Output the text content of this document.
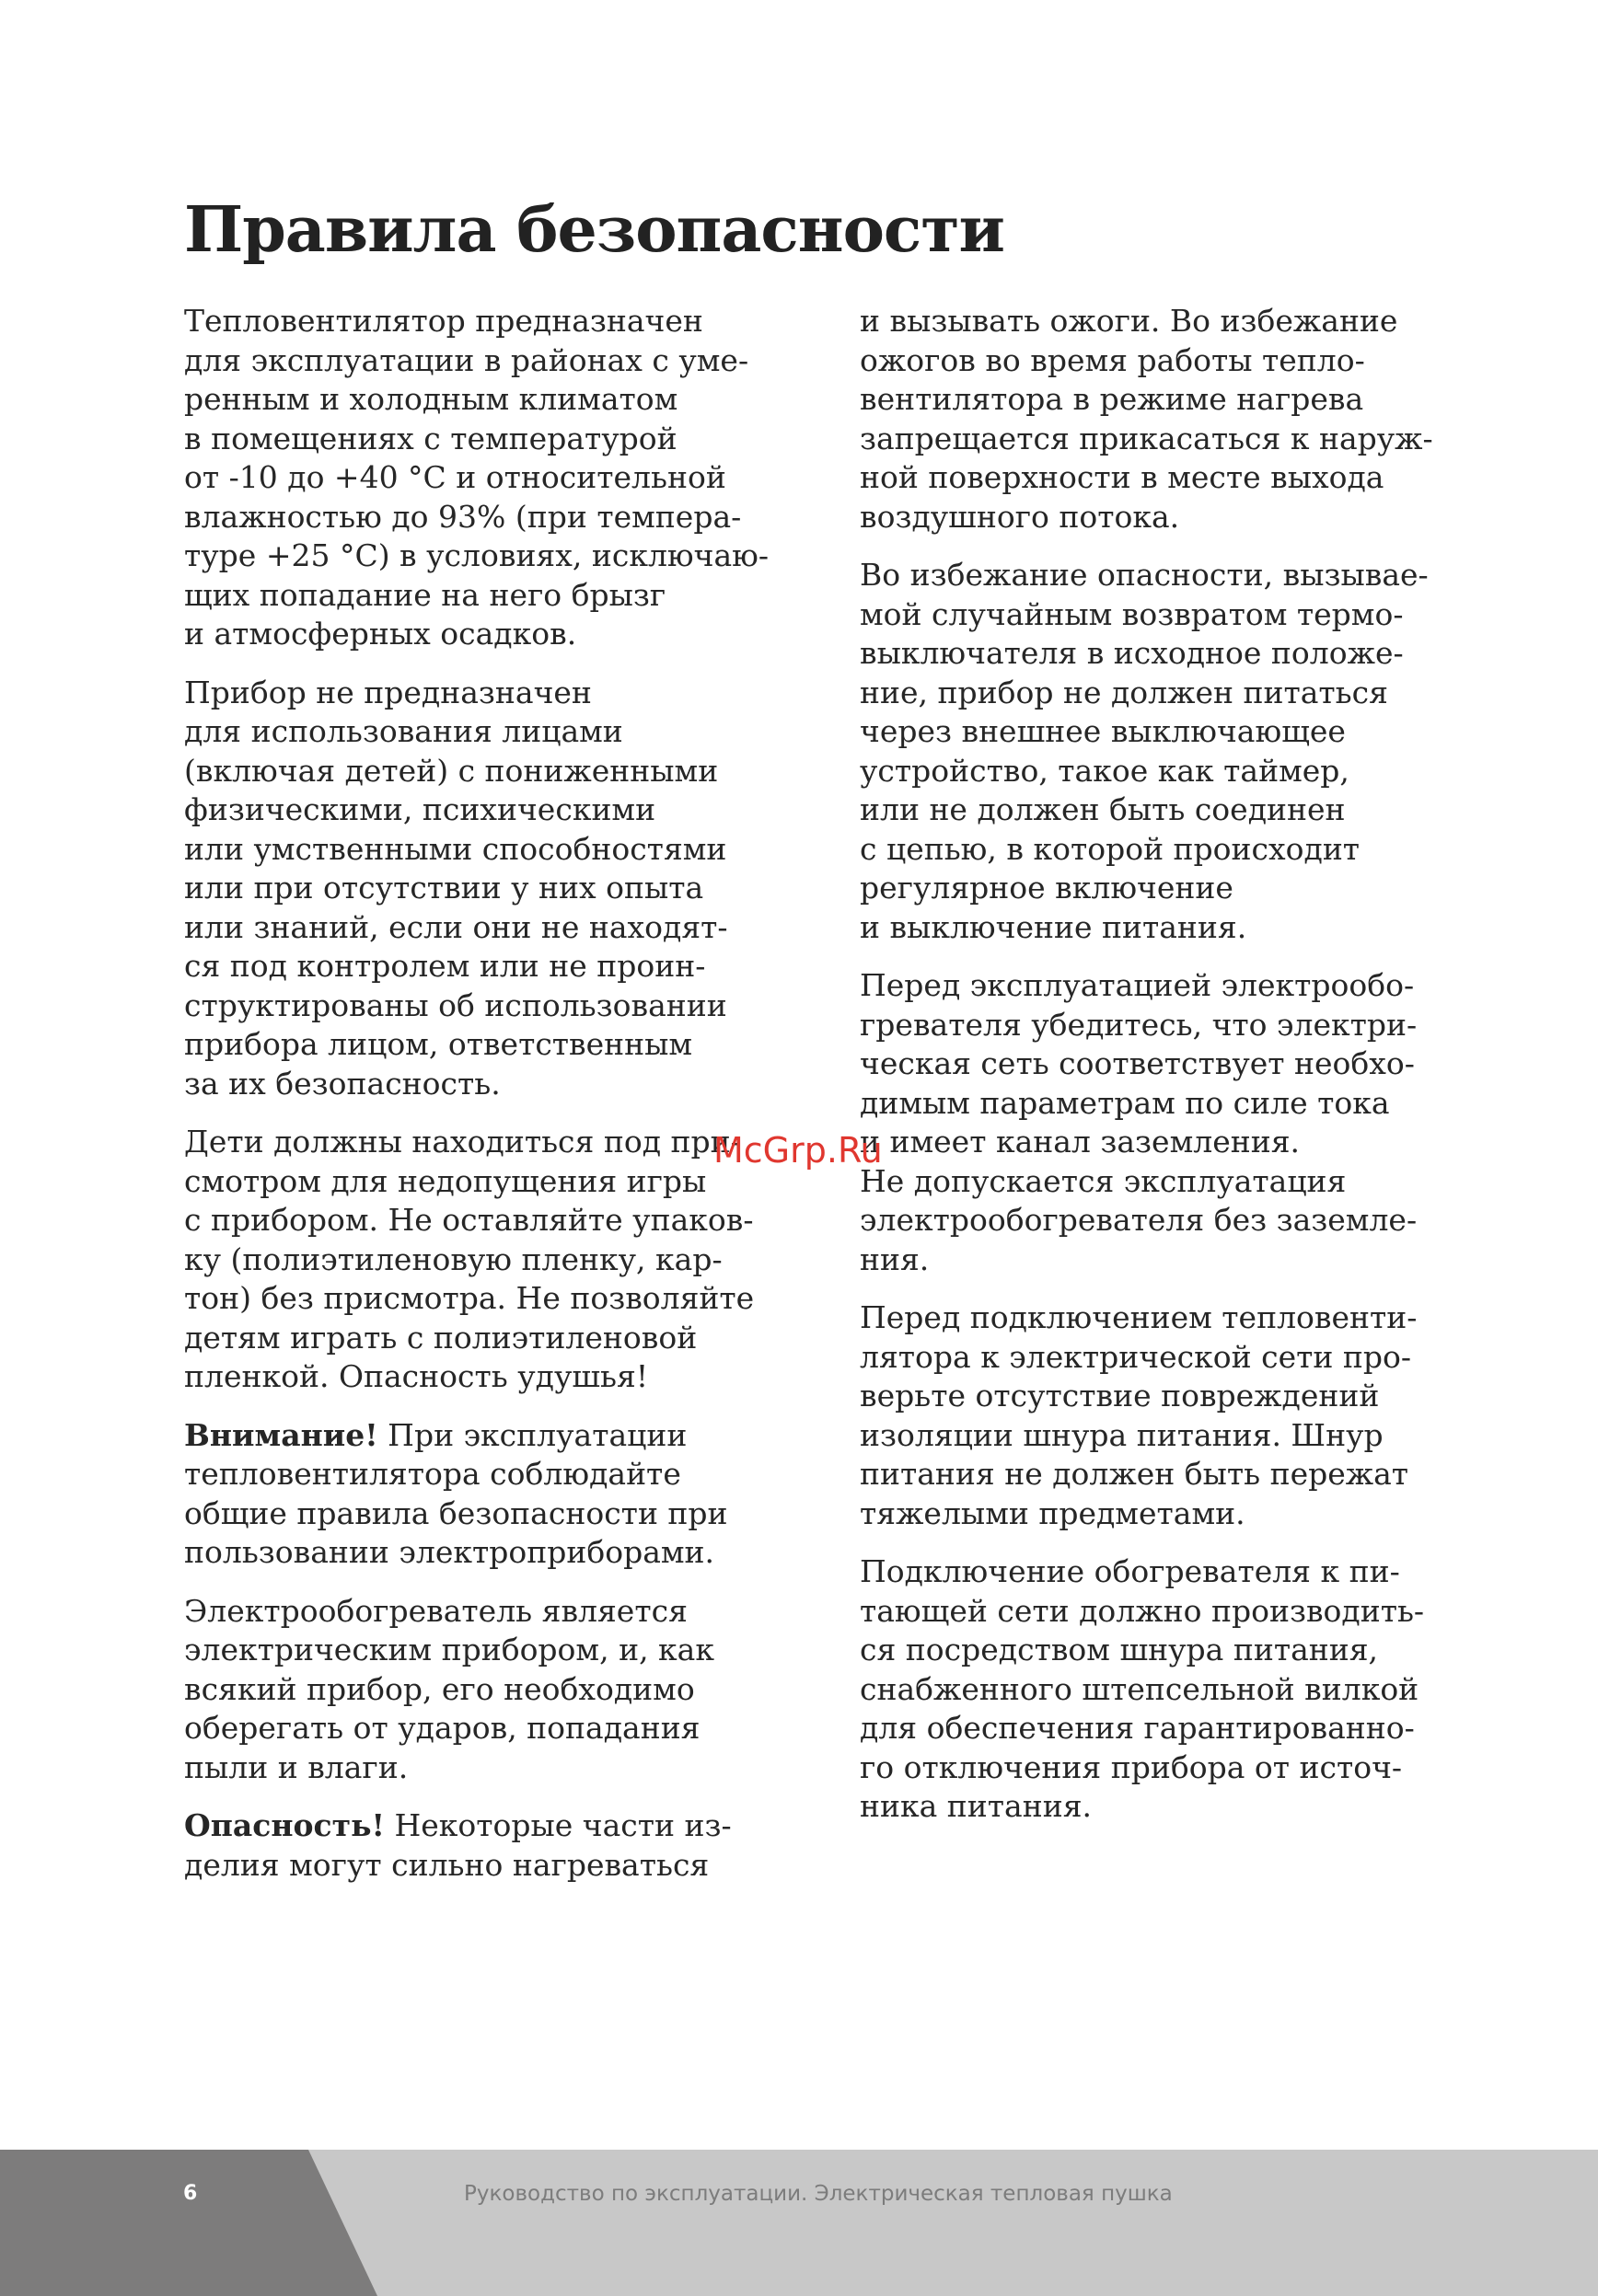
Правила безопасности

Тепловентилятор предназначен
для эксплуатации в районах с уме-
ренным и холодным климатом
в помещениях с температурой
от -10 до +40 °С и относительной
влажностью до 93% (при темпера-
туре +25 °С) в условиях, исключаю-
щих попадание на него брызг
и атмосферных осадков.

Прибор не предназначен
для использования лицами
(включая детей) с пониженными
физическими, психическими
или умственными способностями
или при отсутствии у них опыта
или знаний, если они не находят-
ся под контролем или не проин-
структированы об использовании
прибора лицом, ответственным
за их безопасность.

Дети должны находиться под при-
смотром для недопущения игры
с прибором. Не оставляйте упаков-
ку (полиэтиленовую пленку, кар-
тон) без присмотра. Не позволяйте
детям играть с полиэтиленовой
пленкой. Опасность удушья!

Внимание! При эксплуатации
тепловентилятора соблюдайте
общие правила безопасности при
пользовании электроприборами.

Электрообогреватель является
электрическим прибором, и, как
всякий прибор, его необходимо
оберегать от ударов, попадания
пыли и влаги.

Опасность! Некоторые части из-
делия могут сильно нагреваться

и вызывать ожоги. Во избежание
ожогов во время работы тепло-
вентилятора в режиме нагрева
запрещается прикасаться к наруж-
ной поверхности в месте выхода
воздушного потока.

Во избежание опасности, вызывае-
мой случайным возвратом термо-
выключателя в исходное положе-
ние, прибор не должен питаться
через внешнее выключающее
устройство, такое как таймер,
или не должен быть соединен
с цепью, в которой происходит
регулярное включение
и выключение питания.

Перед эксплуатацией электрообо-
гревателя убедитесь, что электри-
ческая сеть соответствует необхо-
димым параметрам по силе тока
и имеет канал заземления.
Не допускается эксплуатация
электрообогревателя без заземле-
ния.

Перед подключением тепловенти-
лятора к электрической сети про-
верьте отсутствие повреждений
изоляции шнура питания. Шнур
питания не должен быть пережат
тяжелыми предметами.

Подключение обогревателя к пи-
тающей сети должно производить-
ся посредством шнура питания,
снабженного штепсельной вилкой
для обеспечения гарантированно-
го отключения прибора от источ-
ника питания.

McGrp.Ru

6	Руководство по эксплуатации. Электрическая тепловая пушка
